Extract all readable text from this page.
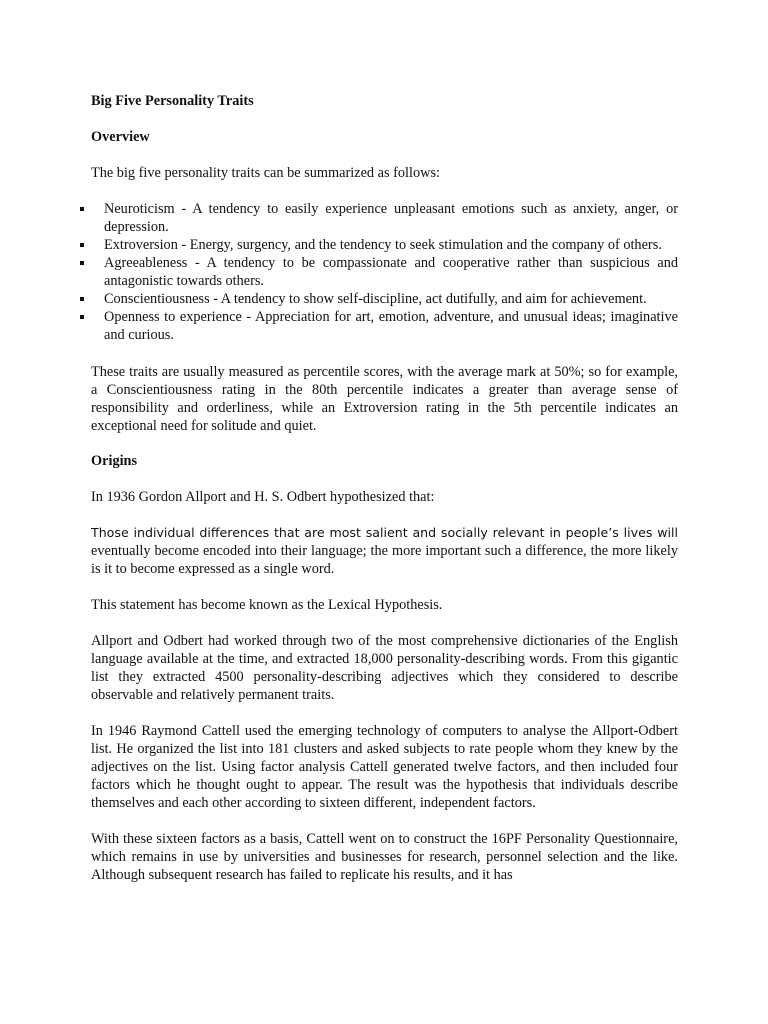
Big Five Personality Traits

Overview

The big five personality traits can be summarized as follows:

Neuroticism - A tendency to easily experience unpleasant emotions such as anxiety, anger, or depression.
Extroversion - Energy, surgency, and the tendency to seek stimulation and the company of others.
Agreeableness - A tendency to be compassionate and cooperative rather than suspicious and antagonistic towards others.
Conscientiousness - A tendency to show self-discipline, act dutifully, and aim for achievement.
Openness to experience - Appreciation for art, emotion, adventure, and unusual ideas; imaginative and curious.

These traits are usually measured as percentile scores, with the average mark at 50%; so for example, a Conscientiousness rating in the 80th percentile indicates a greater than average sense of responsibility and orderliness, while an Extroversion rating in the 5th percentile indicates an exceptional need for solitude and quiet.

Origins

In 1936 Gordon Allport and H. S. Odbert hypothesized that:

Those individual differences that are most salient and socially relevant in people’s lives will eventually become encoded into their language; the more important such a difference, the more likely is it to become expressed as a single word.

This statement has become known as the Lexical Hypothesis.

Allport and Odbert had worked through two of the most comprehensive dictionaries of the English language available at the time, and extracted 18,000 personality-describing words. From this gigantic list they extracted 4500 personality-describing adjectives which they considered to describe observable and relatively permanent traits.

In 1946 Raymond Cattell used the emerging technology of computers to analyse the Allport-Odbert list. He organized the list into 181 clusters and asked subjects to rate people whom they knew by the adjectives on the list. Using factor analysis Cattell generated twelve factors, and then included four factors which he thought ought to appear. The result was the hypothesis that individuals describe themselves and each other according to sixteen different, independent factors.

With these sixteen factors as a basis, Cattell went on to construct the 16PF Personality Questionnaire, which remains in use by universities and businesses for research, personnel selection and the like. Although subsequent research has failed to replicate his results, and it has
